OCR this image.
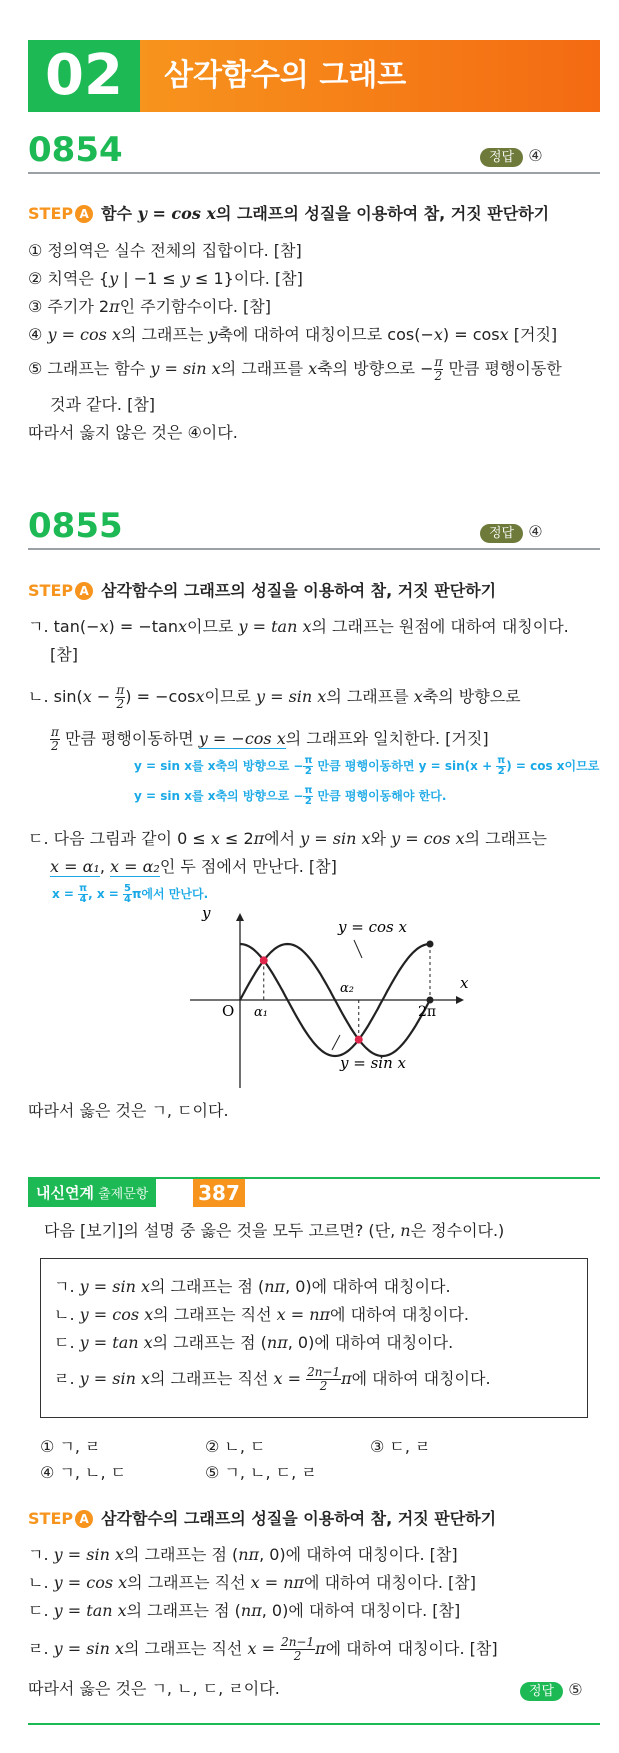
02	삼각함수의 그래프
0854	정답 ④
STEP A 함수 y = cos x의 그래프의 성질을 이용하여 참, 거짓 판단하기
① 정의역은 실수 전체의 집합이다. [참]
② 치역은 {y | −1 ≤ y ≤ 1}이다. [참]
③ 주기가 2π인 주기함수이다. [참]
④ y = cos x의 그래프는 y축에 대하여 대칭이므로 cos(−x) = cosx [거짓]
⑤ 그래프는 함수 y = sin x의 그래프를 x축의 방향으로 − $\frac{\pi}{2}$ 만큼 평행이동한
것과 같다. [참]
따라서 옳지 않은 것은 ④이다.
0855	정답 ④
STEP A 삼각함수의 그래프의 성질을 이용하여 참, 거짓 판단하기
ㄱ. tan(−x) = −tanx이므로 y = tan x의 그래프는 원점에 대하여 대칭이다.
[참]
ㄴ. $\sin(x - \frac{\pi}{2}$ ) = −cosx이므로 y = sin x의 그래프를 x축의 방향으로
$\frac{\pi}{2}$ 만큼 평행이동하면 y = −cos x의 그래프와 일치한다. [거짓]
y = sin x를 x축의 방향으로 − $\frac{\pi}{2}$ 만큼 평행이동하면 $y = \sin(x + \frac{\pi}{2}$ ) = cos x이므로
y = sin x를 x축의 방향으로 − $\frac{\pi}{2}$ 만큼 평행이동해야 한다.
ㄷ. 다음 그림과 같이 0 ≤ x ≤ 2π에서 y = sin x와 y = cos x의 그래프는
x = α₁, x = α₂인 두 점에서 만난다. [참]
$x = \frac{\pi}{4}$ , $x = \frac{5}{4}$ π에서 만난다.
y
x
O α₁
α₂
2π
y = cos x
y = sin x
따라서 옳은 것은 ㄱ, ㄷ이다.
내신연계 출제문항	387
다음 [보기]의 설명 중 옳은 것을 모두 고르면? (단, n은 정수이다.)
ㄱ. y = sin x의 그래프는 점 (nπ, 0)에 대하여 대칭이다.
ㄴ. y = cos x의 그래프는 직선 x = nπ에 대하여 대칭이다.
ㄷ. y = tan x의 그래프는 점 (nπ, 0)에 대하여 대칭이다.
ㄹ. y = sin x의 그래프는 직선 $x = \frac{2n-1}{2}$ π에 대하여 대칭이다.
① ㄱ, ㄹ	② ㄴ, ㄷ	③ ㄷ, ㄹ
④ ㄱ, ㄴ, ㄷ	⑤ ㄱ, ㄴ, ㄷ, ㄹ
STEP A 삼각함수의 그래프의 성질을 이용하여 참, 거짓 판단하기
ㄱ. y = sin x의 그래프는 점 (nπ, 0)에 대하여 대칭이다. [참]
ㄴ. y = cos x의 그래프는 직선 x = nπ에 대하여 대칭이다. [참]
ㄷ. y = tan x의 그래프는 점 (nπ, 0)에 대하여 대칭이다. [참]
ㄹ. y = sin x의 그래프는 직선 $x = \frac{2n-1}{2}$ π에 대하여 대칭이다. [참]
따라서 옳은 것은 ㄱ, ㄴ, ㄷ, ㄹ이다.	정답 ⑤
